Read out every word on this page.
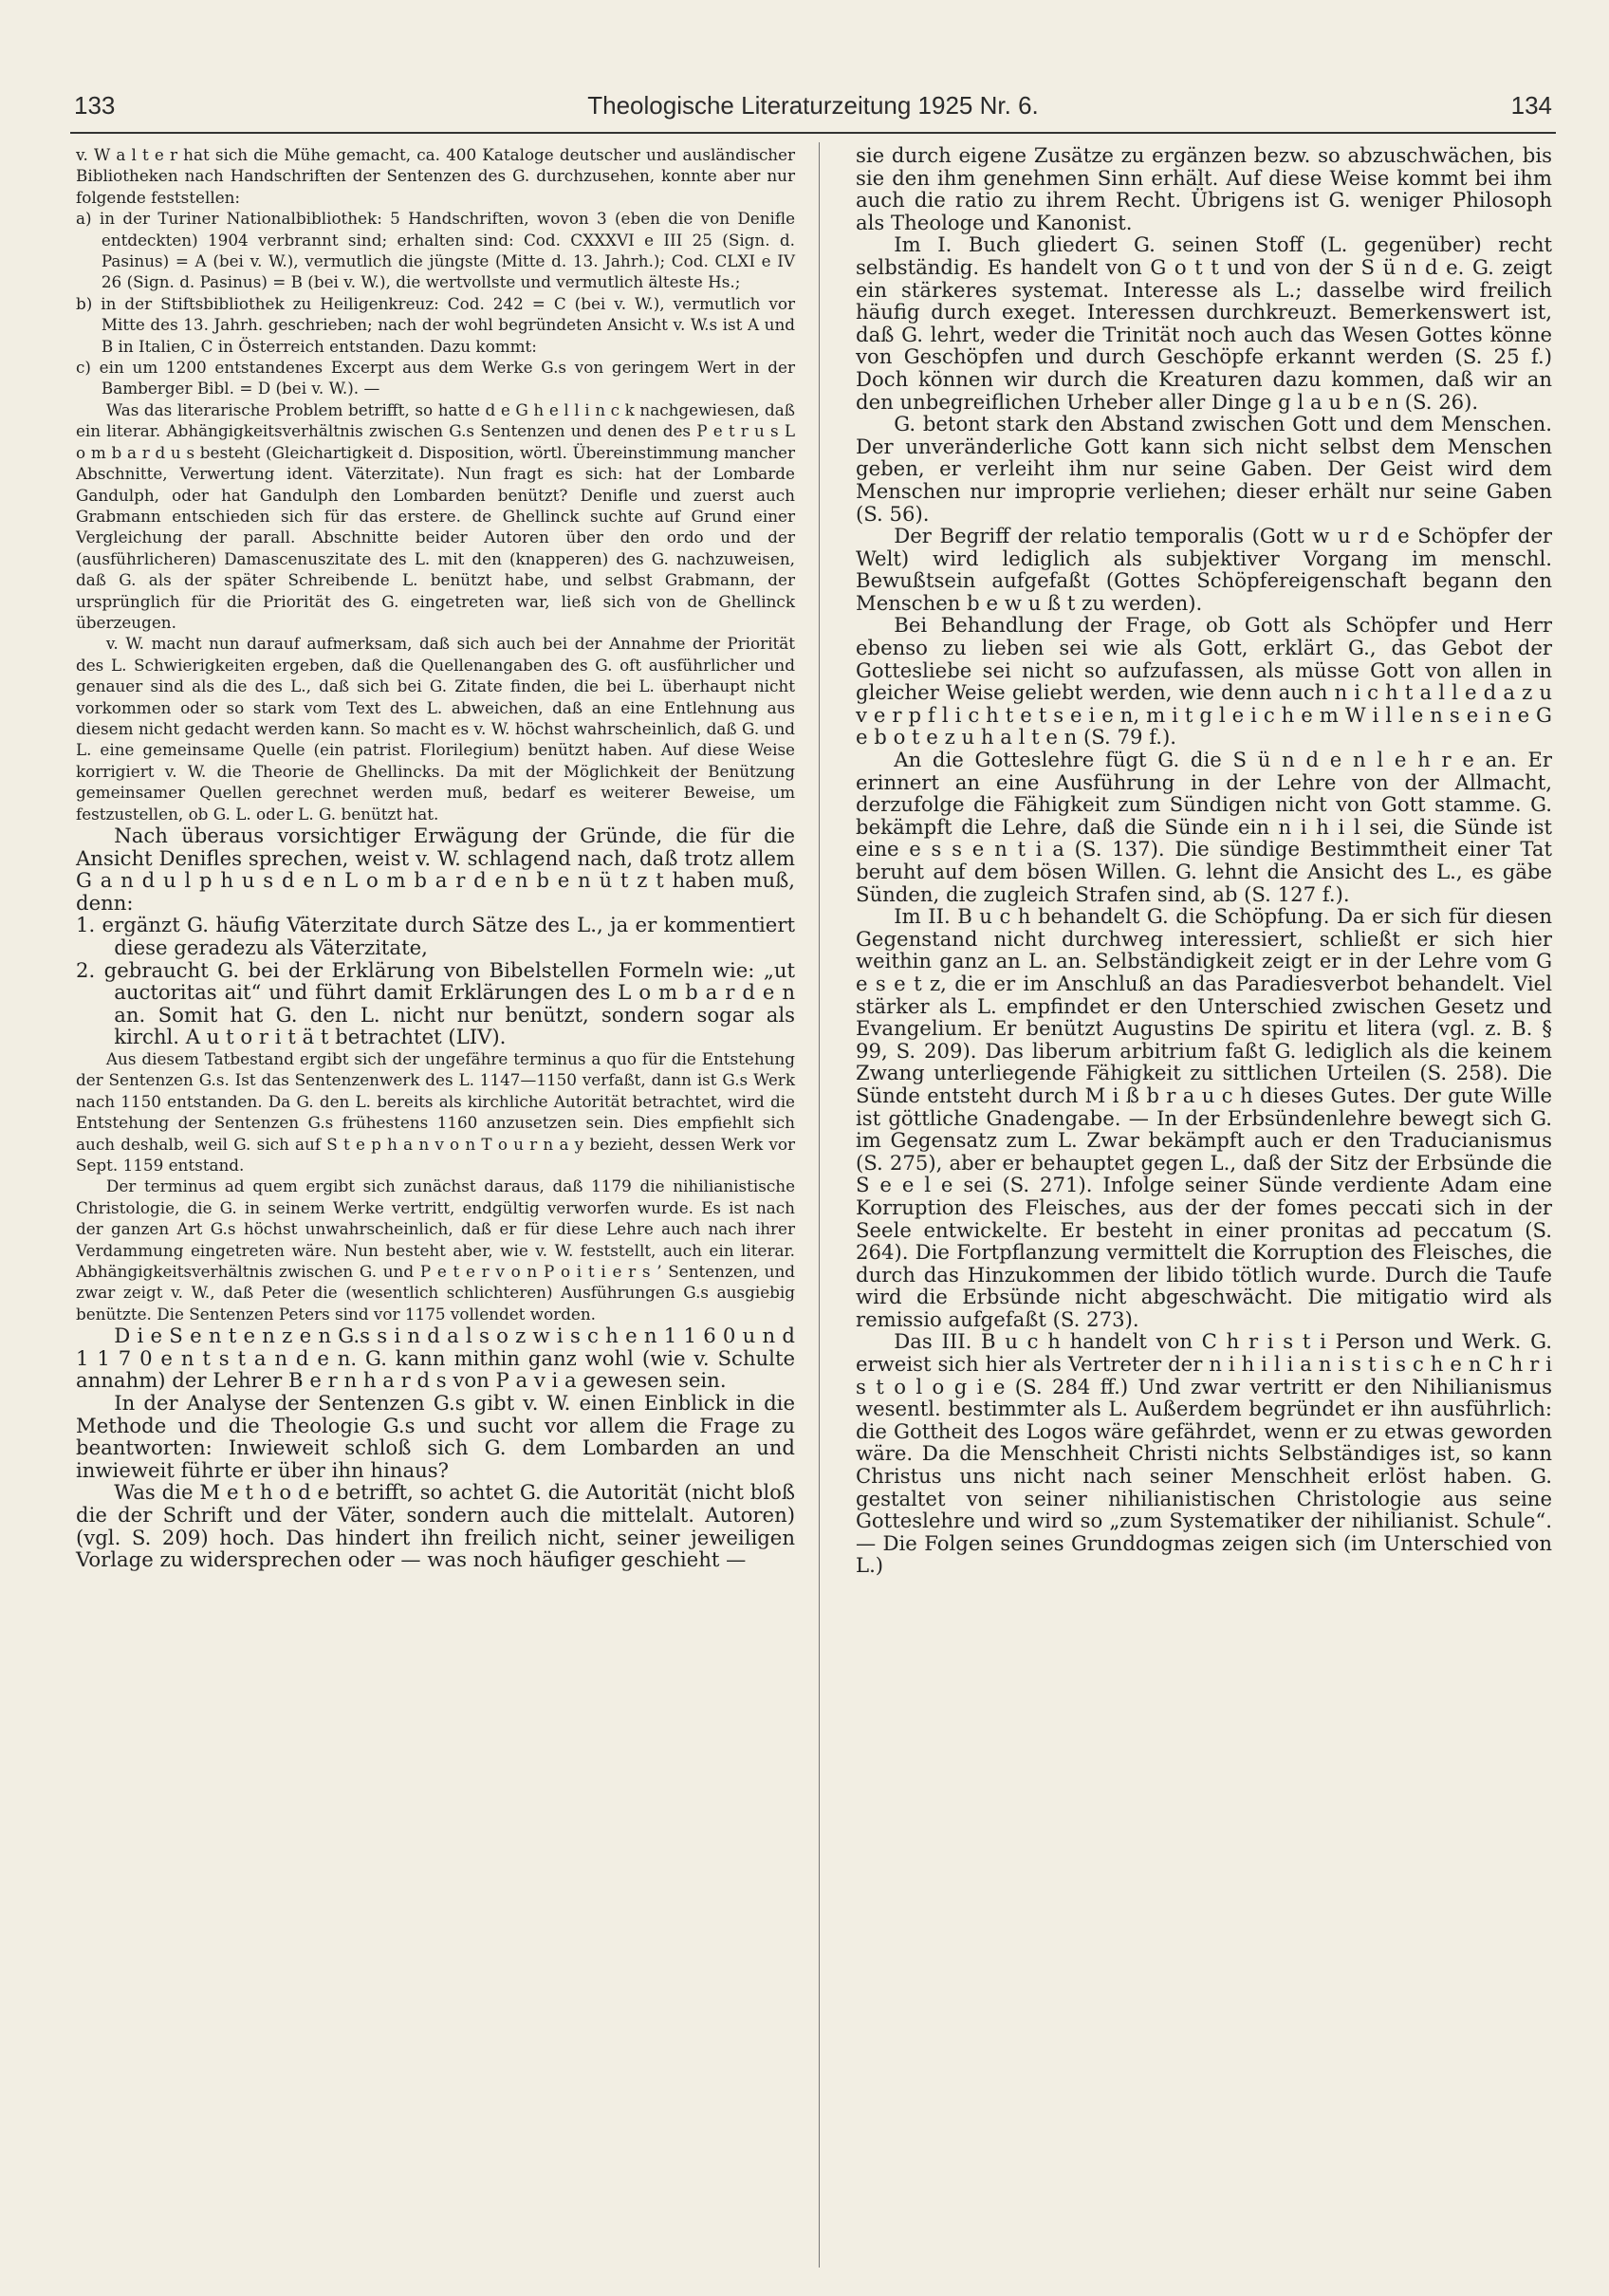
133	Theologische Literaturzeitung 1925 Nr. 6.	134

v. W a l t e r hat sich die Mühe gemacht, ca. 400 Kataloge deutscher und ausländischer Bibliotheken nach Handschriften der Sentenzen des G. durchzusehen, konnte aber nur folgende feststellen:

a) in der Turiner Nationalbibliothek: 5 Handschriften, wovon 3 (eben die von Denifle entdeckten) 1904 verbrannt sind; erhalten sind: Cod. CXXXVI e III 25 (Sign. d. Pasinus) = A (bei v. W.), vermutlich die jüngste (Mitte d. 13. Jahrh.); Cod. CLXI e IV 26 (Sign. d. Pasinus) = B (bei v. W.), die wertvollste und vermutlich älteste Hs.;

b) in der Stiftsbibliothek zu Heiligenkreuz: Cod. 242 = C (bei v. W.), vermutlich vor Mitte des 13. Jahrh. geschrieben; nach der wohl begründeten Ansicht v. W.s ist A und B in Italien, C in Österreich entstanden. Dazu kommt:

c) ein um 1200 entstandenes Excerpt aus dem Werke G.s von geringem Wert in der Bamberger Bibl. = D (bei v. W.). —

Was das literarische Problem betrifft, so hatte d e G h e l l i n c k nachgewiesen, daß ein literar. Abhängigkeitsverhältnis zwischen G.s Sentenzen und denen des P e t r u s L o m b a r d u s besteht (Gleichartigkeit d. Disposition, wörtl. Übereinstimmung mancher Abschnitte, Verwertung ident. Väterzitate). Nun fragt es sich: hat der Lombarde Gandulph, oder hat Gandulph den Lombarden benützt? Denifle und zuerst auch Grabmann entschieden sich für das erstere. de Ghellinck suchte auf Grund einer Vergleichung der parall. Abschnitte beider Autoren über den ordo und der (ausführlicheren) Damascenuszitate des L. mit den (knapperen) des G. nachzuweisen, daß G. als der später Schreibende L. benützt habe, und selbst Grabmann, der ursprünglich für die Priorität des G. eingetreten war, ließ sich von de Ghellinck überzeugen.

v. W. macht nun darauf aufmerksam, daß sich auch bei der Annahme der Priorität des L. Schwierigkeiten ergeben, daß die Quellenangaben des G. oft ausführlicher und genauer sind als die des L., daß sich bei G. Zitate finden, die bei L. überhaupt nicht vorkommen oder so stark vom Text des L. abweichen, daß an eine Entlehnung aus diesem nicht gedacht werden kann. So macht es v. W. höchst wahrscheinlich, daß G. und L. eine gemeinsame Quelle (ein patrist. Florilegium) benützt haben. Auf diese Weise korrigiert v. W. die Theorie de Ghellincks. Da mit der Möglichkeit der Benützung gemeinsamer Quellen gerechnet werden muß, bedarf es weiterer Beweise, um festzustellen, ob G. L. oder L. G. benützt hat.

Nach überaus vorsichtiger Erwägung der Gründe, die für die Ansicht Denifles sprechen, weist v. W. schlagend nach, daß trotz allem G a n d u l p h u s d e n L o m b a r d e n b e n ü t z t haben muß, denn:

1. ergänzt G. häufig Väterzitate durch Sätze des L., ja er kommentiert diese geradezu als Väterzitate,

2. gebraucht G. bei der Erklärung von Bibelstellen Formeln wie: „ut auctoritas ait“ und führt damit Erklärungen des L o m b a r d e n an. Somit hat G. den L. nicht nur benützt, sondern sogar als kirchl. A u t o r i t ä t betrachtet (LIV).

Aus diesem Tatbestand ergibt sich der ungefähre terminus a quo für die Entstehung der Sentenzen G.s. Ist das Sentenzenwerk des L. 1147—1150 verfaßt, dann ist G.s Werk nach 1150 entstanden. Da G. den L. bereits als kirchliche Autorität betrachtet, wird die Entstehung der Sentenzen G.s frühestens 1160 anzusetzen sein. Dies empfiehlt sich auch deshalb, weil G. sich auf S t e p h a n v o n T o u r n a y bezieht, dessen Werk vor Sept. 1159 entstand.

Der terminus ad quem ergibt sich zunächst daraus, daß 1179 die nihilianistische Christologie, die G. in seinem Werke vertritt, endgültig verworfen wurde. Es ist nach der ganzen Art G.s höchst unwahrscheinlich, daß er für diese Lehre auch nach ihrer Verdammung eingetreten wäre. Nun besteht aber, wie v. W. feststellt, auch ein literar. Abhängigkeitsverhältnis zwischen G. und P e t e r v o n P o i t i e r s ’ Sentenzen, und zwar zeigt v. W., daß Peter die (wesentlich schlichteren) Ausführungen G.s ausgiebig benützte. Die Sentenzen Peters sind vor 1175 vollendet worden.

D i e S e n t e n z e n G.s s i n d a l s o z w i s c h e n 1 1 6 0 u n d 1 1 7 0 e n t s t a n d e n. G. kann mithin ganz wohl (wie v. Schulte annahm) der Lehrer B e r n h a r d s von P a v i a gewesen sein.

In der Analyse der Sentenzen G.s gibt v. W. einen Einblick in die Methode und die Theologie G.s und sucht vor allem die Frage zu beantworten: Inwieweit schloß sich G. dem Lombarden an und inwieweit führte er über ihn hinaus?

Was die M e t h o d e betrifft, so achtet G. die Autorität (nicht bloß die der Schrift und der Väter, sondern auch die mittelalt. Autoren) (vgl. S. 209) hoch. Das hindert ihn freilich nicht, seiner jeweiligen Vorlage zu widersprechen oder — was noch häufiger geschieht —

sie durch eigene Zusätze zu ergänzen bezw. so abzuschwächen, bis sie den ihm genehmen Sinn erhält. Auf diese Weise kommt bei ihm auch die ratio zu ihrem Recht. Übrigens ist G. weniger Philosoph als Theologe und Kanonist.

Im I. Buch gliedert G. seinen Stoff (L. gegenüber) recht selbständig. Es handelt von G o t t und von der S ü n d e. G. zeigt ein stärkeres systemat. Interesse als L.; dasselbe wird freilich häufig durch exeget. Interessen durchkreuzt. Bemerkenswert ist, daß G. lehrt, weder die Trinität noch auch das Wesen Gottes könne von Geschöpfen und durch Geschöpfe erkannt werden (S. 25 f.) Doch können wir durch die Kreaturen dazu kommen, daß wir an den unbegreiflichen Urheber aller Dinge g l a u b e n (S. 26).

G. betont stark den Abstand zwischen Gott und dem Menschen. Der unveränderliche Gott kann sich nicht selbst dem Menschen geben, er verleiht ihm nur seine Gaben. Der Geist wird dem Menschen nur improprie verliehen; dieser erhält nur seine Gaben (S. 56).

Der Begriff der relatio temporalis (Gott w u r d e Schöpfer der Welt) wird lediglich als subjektiver Vorgang im menschl. Bewußtsein aufgefaßt (Gottes Schöpfereigenschaft begann den Menschen b e w u ß t zu werden).

Bei Behandlung der Frage, ob Gott als Schöpfer und Herr ebenso zu lieben sei wie als Gott, erklärt G., das Gebot der Gottesliebe sei nicht so aufzufassen, als müsse Gott von allen in gleicher Weise geliebt werden, wie denn auch n i c h t a l l e d a z u v e r p f l i c h t e t s e i e n, m i t g l e i c h e m W i l l e n s e i n e G e b o t e z u h a l t e n (S. 79 f.).

An die Gotteslehre fügt G. die S ü n d e n l e h r e an. Er erinnert an eine Ausführung in der Lehre von der Allmacht, derzufolge die Fähigkeit zum Sündigen nicht von Gott stamme. G. bekämpft die Lehre, daß die Sünde ein n i h i l sei, die Sünde ist eine e s s e n t i a (S. 137). Die sündige Bestimmtheit einer Tat beruht auf dem bösen Willen. G. lehnt die Ansicht des L., es gäbe Sünden, die zugleich Strafen sind, ab (S. 127 f.).

Im II. B u c h behandelt G. die Schöpfung. Da er sich für diesen Gegenstand nicht durchweg interessiert, schließt er sich hier weithin ganz an L. an. Selbständigkeit zeigt er in der Lehre vom G e s e t z, die er im Anschluß an das Paradiesverbot behandelt. Viel stärker als L. empfindet er den Unterschied zwischen Gesetz und Evangelium. Er benützt Augustins De spiritu et litera (vgl. z. B. § 99, S. 209). Das liberum arbitrium faßt G. lediglich als die keinem Zwang unterliegende Fähigkeit zu sittlichen Urteilen (S. 258). Die Sünde entsteht durch M i ß b r a u c h dieses Gutes. Der gute Wille ist göttliche Gnadengabe. — In der Erbsündenlehre bewegt sich G. im Gegensatz zum L. Zwar bekämpft auch er den Traducianismus (S. 275), aber er behauptet gegen L., daß der Sitz der Erbsünde die S e e l e sei (S. 271). Infolge seiner Sünde verdiente Adam eine Korruption des Fleisches, aus der der fomes peccati sich in der Seele entwickelte. Er besteht in einer pronitas ad peccatum (S. 264). Die Fortpflanzung vermittelt die Korruption des Fleisches, die durch das Hinzukommen der libido tötlich wurde. Durch die Taufe wird die Erbsünde nicht abgeschwächt. Die mitigatio wird als remissio aufgefaßt (S. 273).

Das III. B u c h handelt von C h r i s t i Person und Werk. G. erweist sich hier als Vertreter der n i h i l i a n i s t i s c h e n C h r i s t o l o g i e (S. 284 ff.) Und zwar vertritt er den Nihilianismus wesentl. bestimmter als L. Außerdem begründet er ihn ausführlich: die Gottheit des Logos wäre gefährdet, wenn er zu etwas geworden wäre. Da die Menschheit Christi nichts Selbständiges ist, so kann Christus uns nicht nach seiner Menschheit erlöst haben. G. gestaltet von seiner nihilianistischen Christologie aus seine Gotteslehre und wird so „zum Systematiker der nihilianist. Schule“. — Die Folgen seines Grunddogmas zeigen sich (im Unterschied von L.)
